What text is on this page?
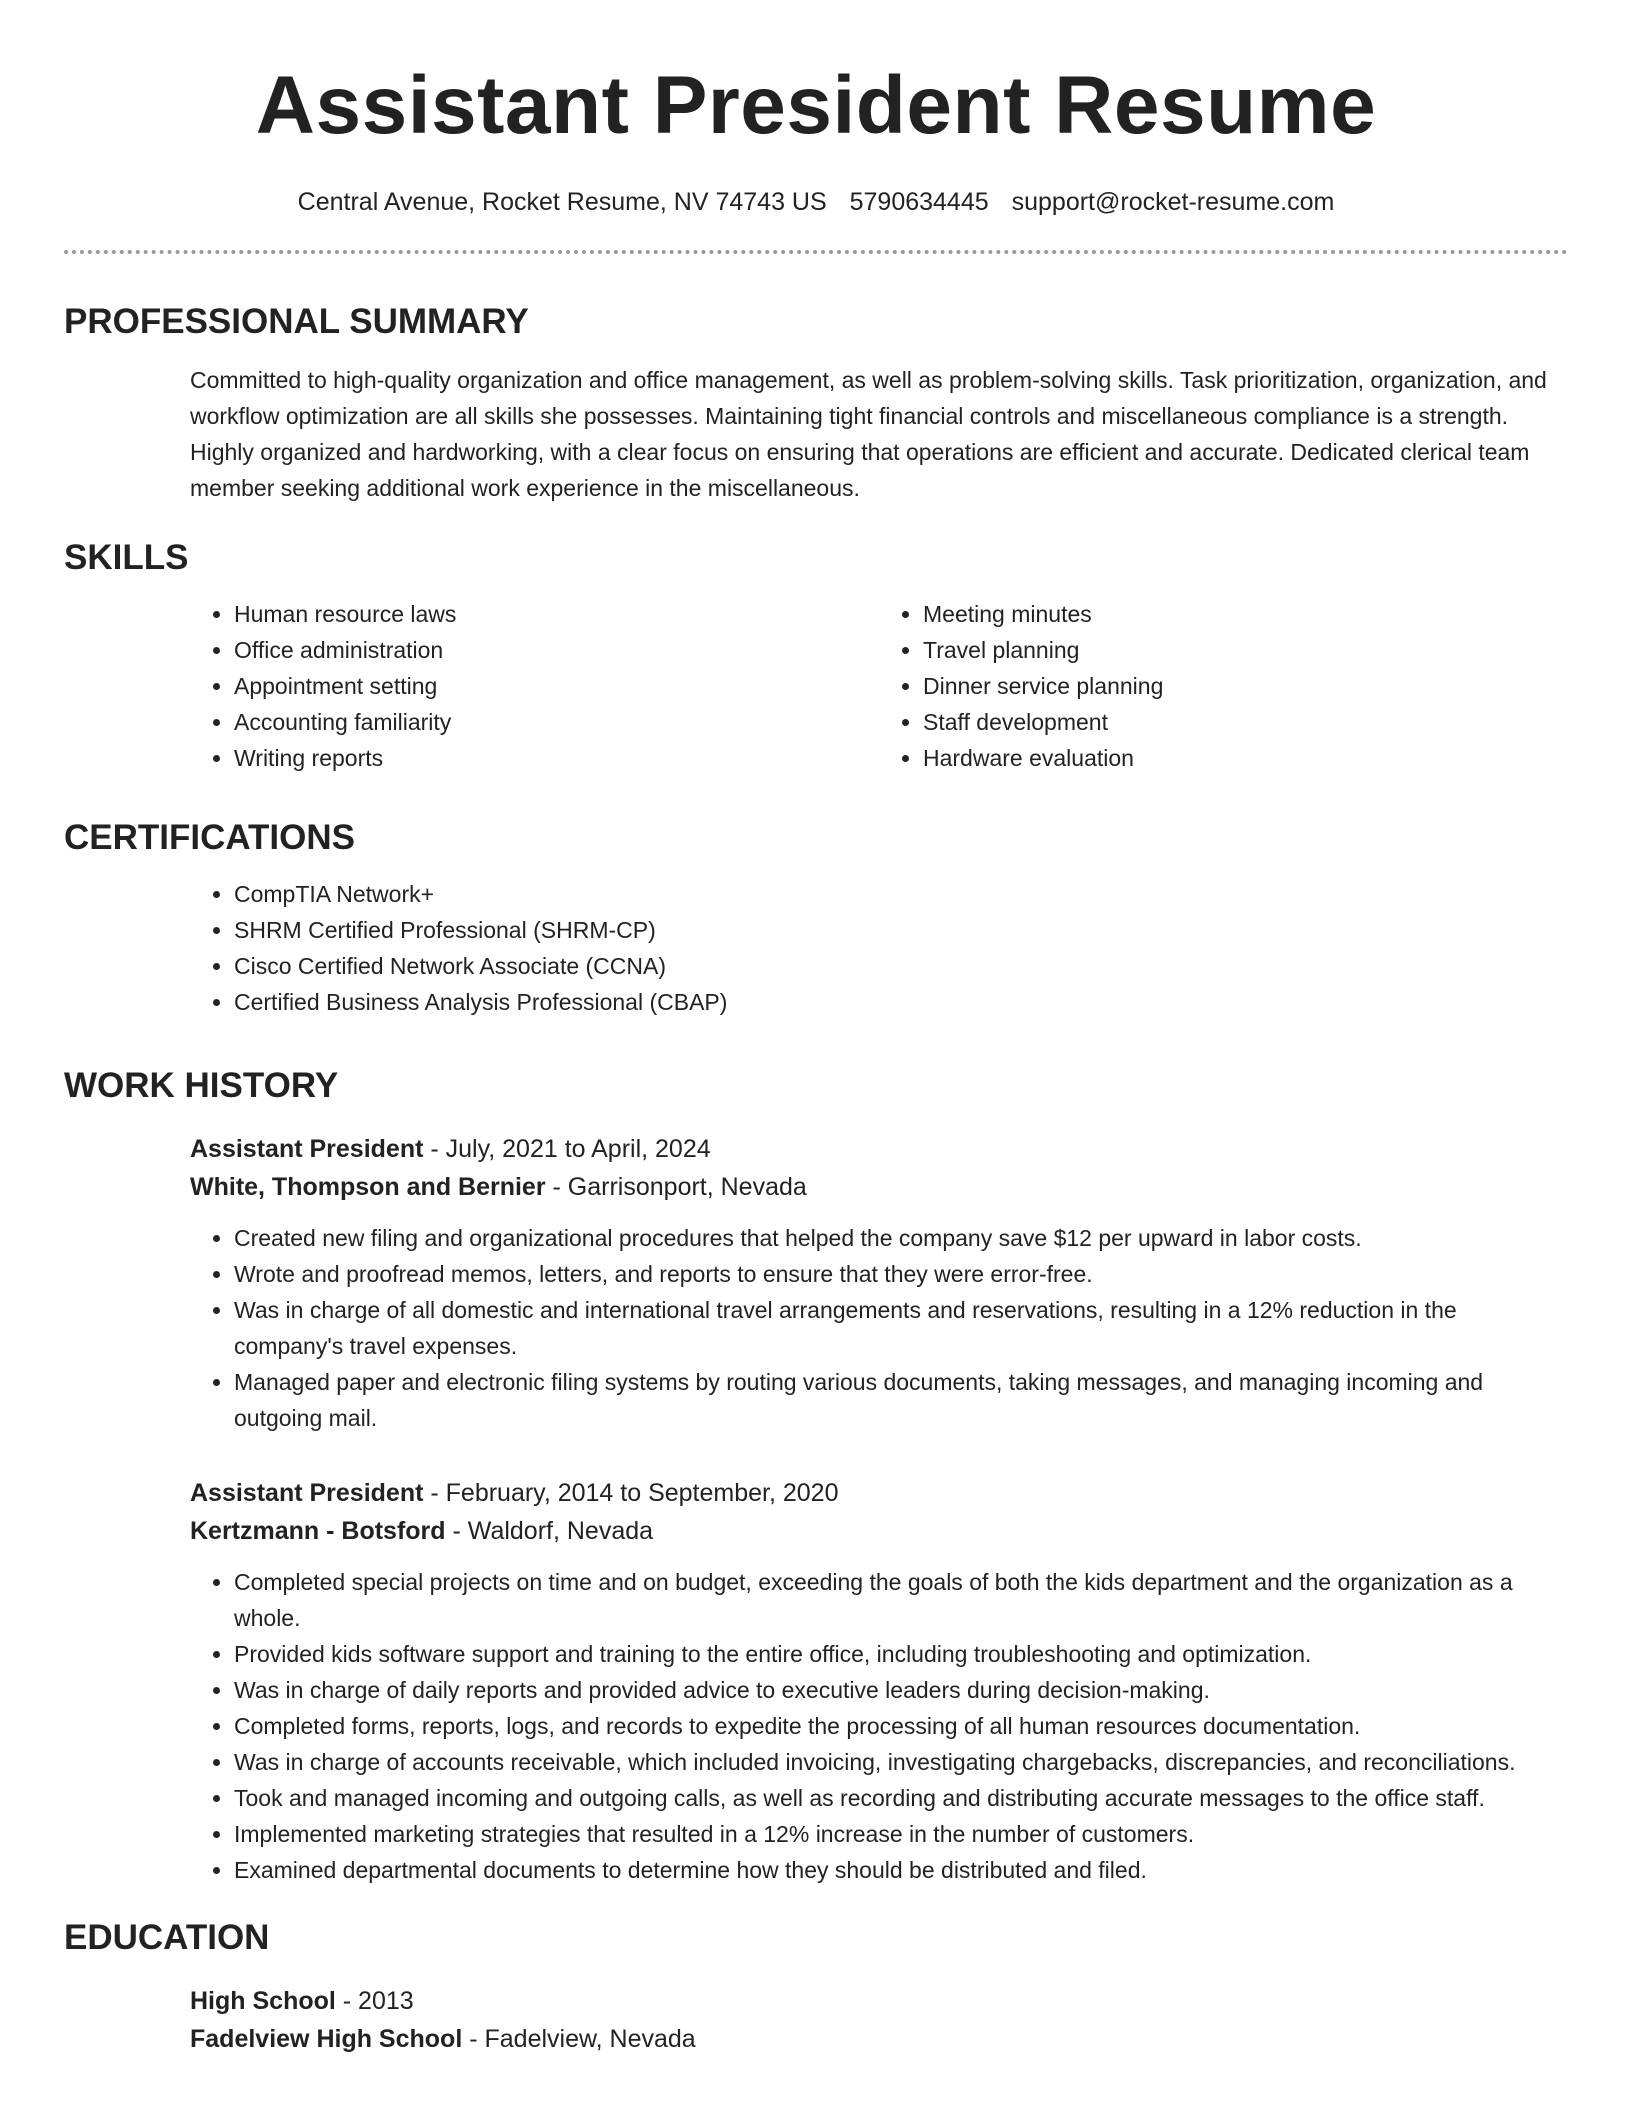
Assistant President Resume
Central Avenue, Rocket Resume, NV 74743 US 5790634445 support@rocket-resume.com
PROFESSIONAL SUMMARY
Committed to high-quality organization and office management, as well as problem-solving skills. Task prioritization, organization, and workflow optimization are all skills she possesses. Maintaining tight financial controls and miscellaneous compliance is a strength. Highly organized and hardworking, with a clear focus on ensuring that operations are efficient and accurate. Dedicated clerical team member seeking additional work experience in the miscellaneous.
SKILLS
• Human resource laws
• Office administration
• Appointment setting
• Accounting familiarity
• Writing reports
• Meeting minutes
• Travel planning
• Dinner service planning
• Staff development
• Hardware evaluation
CERTIFICATIONS
• CompTIA Network+
• SHRM Certified Professional (SHRM-CP)
• Cisco Certified Network Associate (CCNA)
• Certified Business Analysis Professional (CBAP)
WORK HISTORY
Assistant President - July, 2021 to April, 2024
White, Thompson and Bernier - Garrisonport, Nevada
• Created new filing and organizational procedures that helped the company save $12 per upward in labor costs.
• Wrote and proofread memos, letters, and reports to ensure that they were error-free.
• Was in charge of all domestic and international travel arrangements and reservations, resulting in a 12% reduction in the company's travel expenses.
• Managed paper and electronic filing systems by routing various documents, taking messages, and managing incoming and outgoing mail.
Assistant President - February, 2014 to September, 2020
Kertzmann - Botsford - Waldorf, Nevada
• Completed special projects on time and on budget, exceeding the goals of both the kids department and the organization as a whole.
• Provided kids software support and training to the entire office, including troubleshooting and optimization.
• Was in charge of daily reports and provided advice to executive leaders during decision-making.
• Completed forms, reports, logs, and records to expedite the processing of all human resources documentation.
• Was in charge of accounts receivable, which included invoicing, investigating chargebacks, discrepancies, and reconciliations.
• Took and managed incoming and outgoing calls, as well as recording and distributing accurate messages to the office staff.
• Implemented marketing strategies that resulted in a 12% increase in the number of customers.
• Examined departmental documents to determine how they should be distributed and filed.
EDUCATION
High School - 2013
Fadelview High School - Fadelview, Nevada
